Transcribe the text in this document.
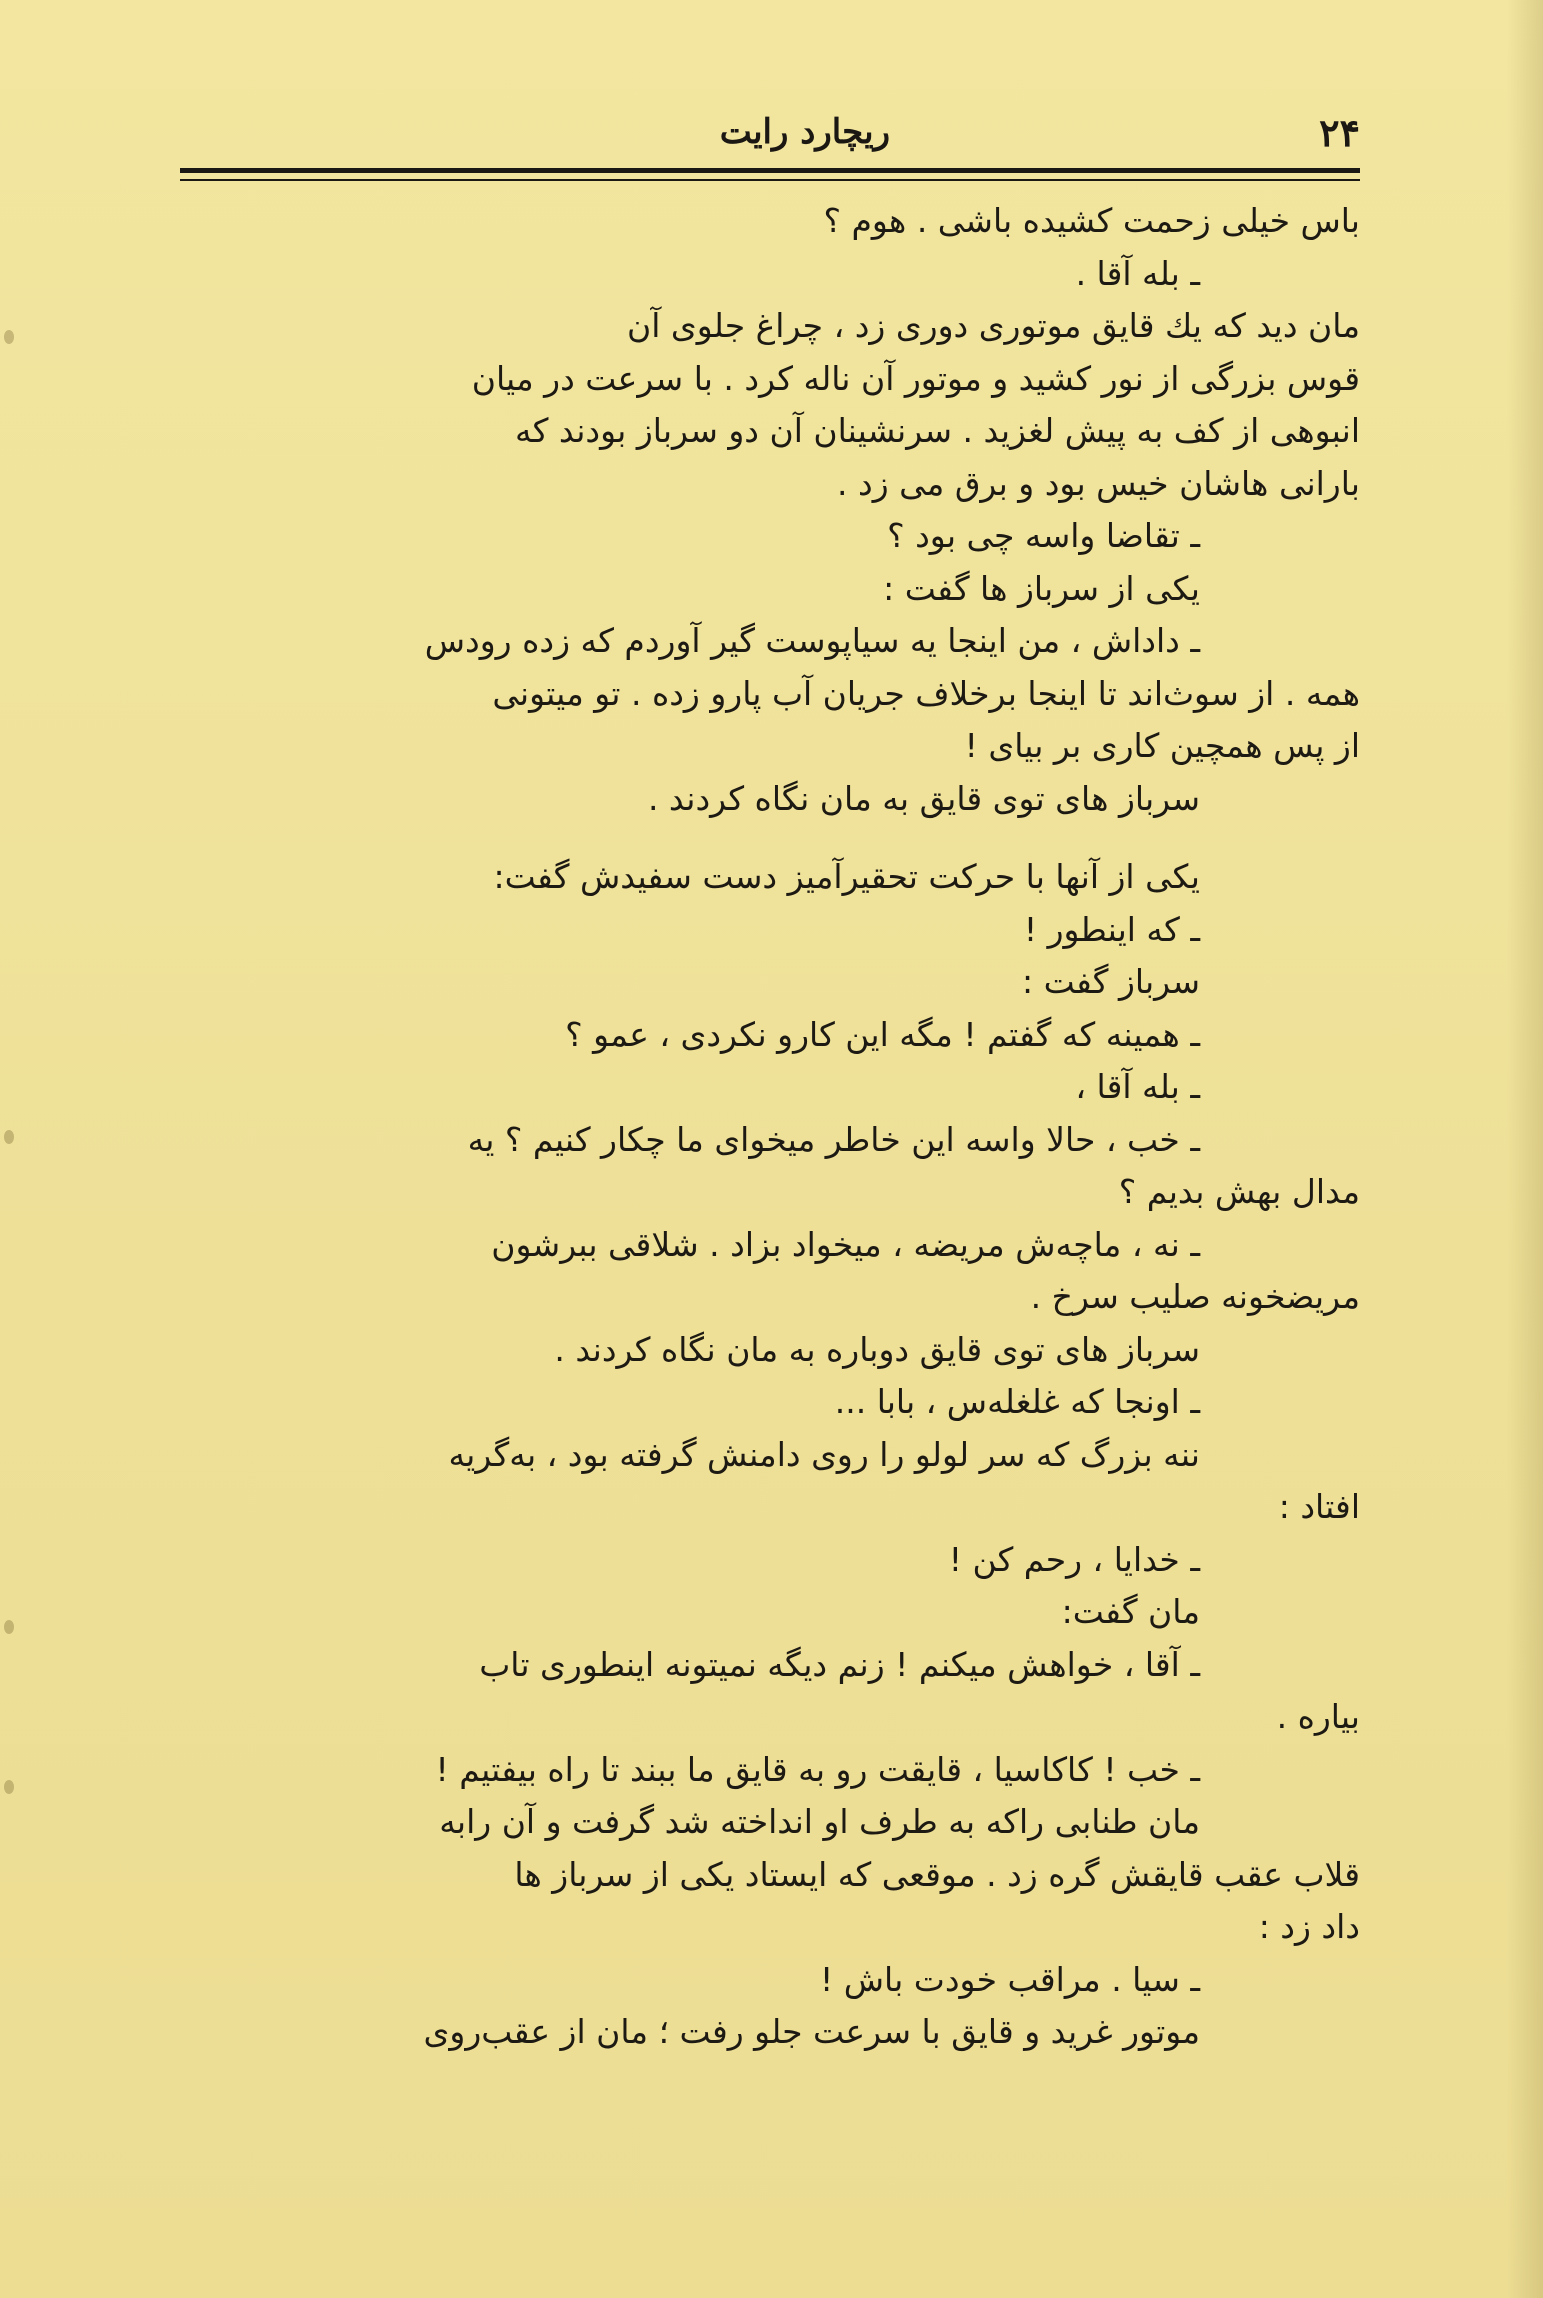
۲۴
ریچارد رایت
باس خیلی زحمت کشیده باشی . هوم ؟
ـ بله آقا .
مان دید که یك قایق موتوری دوری زد ، چراغ جلوی آن
قوس بزرگی از نور کشید و موتور آن ناله کرد . با سرعت در میان
انبوهی از کف به پیش لغزید . سرنشینان آن دو سرباز بودند که
بارانی هاشان خیس بود و برق می زد .
ـ تقاضا واسه چی بود ؟
یکی از سرباز ها گفت :
ـ داداش ، من اینجا یه سیاپوست گیر آوردم که زده رودس
همه . از سوث‌اند تا اینجا برخلاف جریان آب پارو زده . تو میتونی
از پس همچین کاری بر بیای !
سرباز های توی قایق به مان نگاه کردند .
یکی از آنها با حرکت تحقیرآمیز دست سفیدش گفت:
ـ که اینطور !
سرباز گفت :
ـ همینه که گفتم ! مگه این کارو نکردی ، عمو ؟
ـ بله آقا ،
ـ خب ، حالا واسه این خاطر میخوای ما چکار کنیم ؟ یه
مدال بهش بدیم ؟
ـ نه ، ماچه‌ش مریضه ، میخواد بزاد . شلاقی ببرشون
مریضخونه صلیب سرخ .
سرباز های توی قایق دوباره به مان نگاه کردند .
ـ اونجا که غلغله‌س ، بابا ...
ننه بزرگ که سر لولو را روی دامنش گرفته بود ، به‌گریه
افتاد :
ـ خدایا ، رحم کن !
مان گفت:
ـ آقا ، خواهش میکنم ! زنم دیگه نمیتونه اینطوری تاب
بیاره .
ـ خب ! کاکاسیا ، قایقت رو به قایق ما ببند تا راه بیفتیم !
مان طنابی راکه به طرف او انداخته شد گرفت و آن رابه
قلاب عقب قایقش گره زد . موقعی که ایستاد یکی از سرباز ها
داد زد :
ـ سیا . مراقب خودت باش !
موتور غرید و قایق با سرعت جلو رفت ؛ مان از عقب‌روی
